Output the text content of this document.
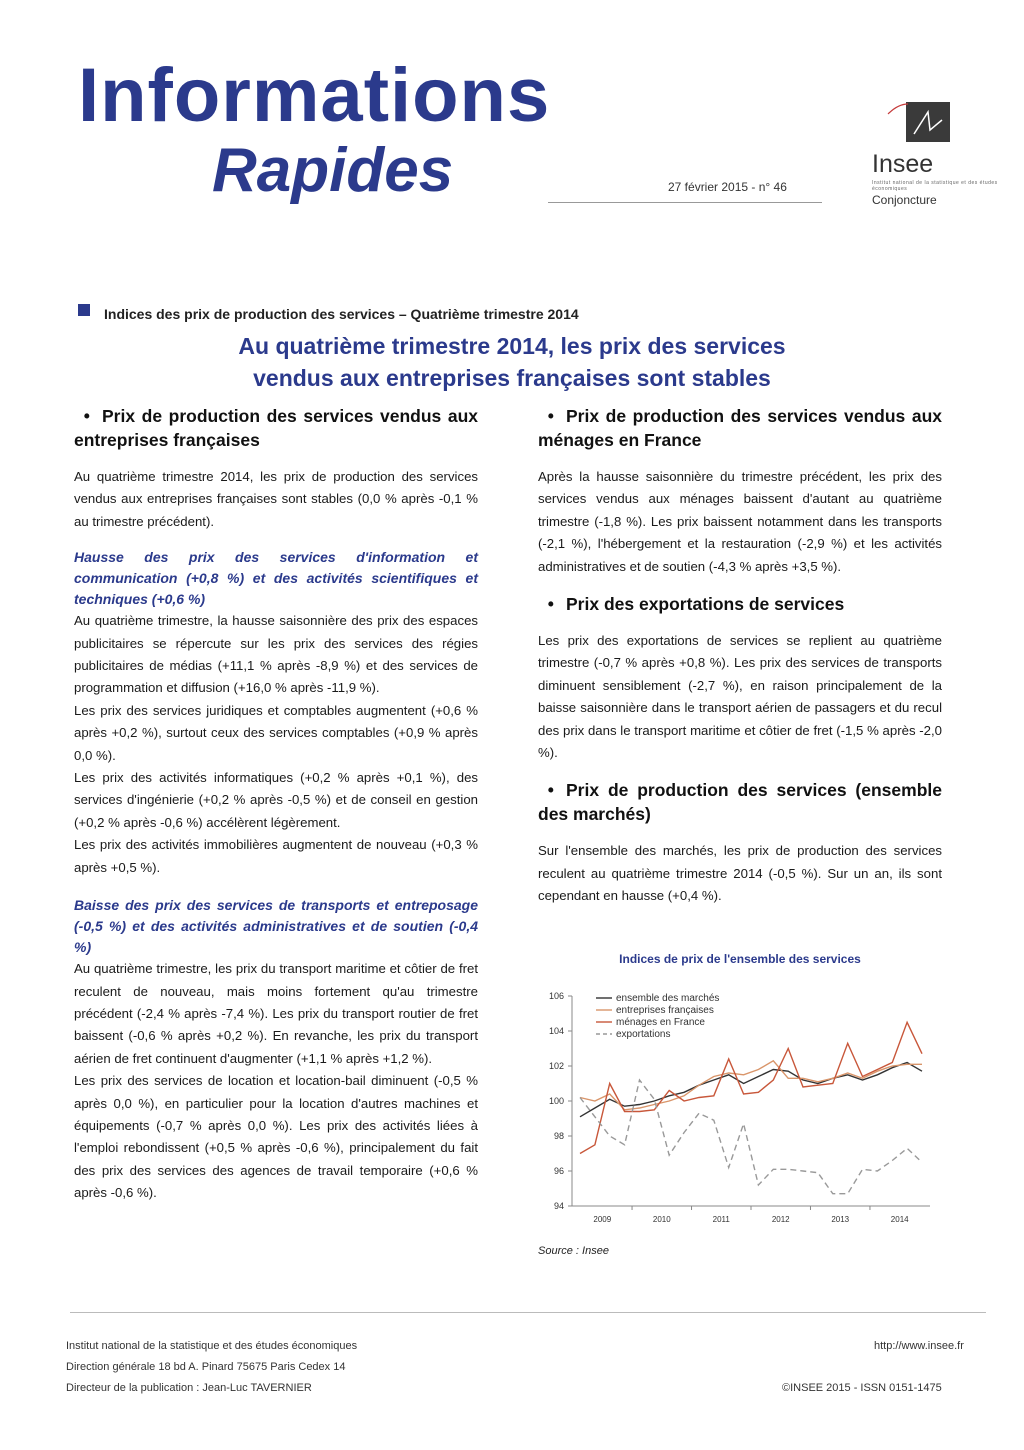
Informations
Rapides	27 février 2015 - n° 46
Insee
Institut national de la statistique et des études économiques
Conjoncture
Indices des prix de production des services – Quatrième trimestre 2014
Au quatrième trimestre 2014, les prix des services
vendus aux entreprises françaises sont stables
• Prix de production des services vendus aux entreprises françaises

Au quatrième trimestre 2014, les prix de production des services vendus aux entreprises françaises sont stables (0,0 % après -0,1 % au trimestre précédent).

Hausse des prix des services d'information et communication (+0,8 %) et des activités scientifiques et techniques (+0,6 %)

Au quatrième trimestre, la hausse saisonnière des prix des espaces publicitaires se répercute sur les prix des services des régies publicitaires de médias (+11,1 % après -8,9 %) et des services de programmation et diffusion (+16,0 % après -11,9 %).

Les prix des services juridiques et comptables augmentent (+0,6 % après +0,2 %), surtout ceux des services comptables (+0,9 % après 0,0 %).

Les prix des activités informatiques (+0,2 % après +0,1 %), des services d'ingénierie (+0,2 % après -0,5 %) et de conseil en gestion (+0,2 % après -0,6 %) accélèrent légèrement.

Les prix des activités immobilières augmentent de nouveau (+0,3 % après +0,5 %).

Baisse des prix des services de transports et entreposage (-0,5 %) et des activités administratives et de soutien (-0,4 %)

Au quatrième trimestre, les prix du transport maritime et côtier de fret reculent de nouveau, mais moins fortement qu'au trimestre précédent (-2,4 % après -7,4 %). Les prix du transport routier de fret baissent (-0,6 % après +0,2 %). En revanche, les prix du transport aérien de fret continuent d'augmenter (+1,1 % après +1,2 %).

Les prix des services de location et location-bail diminuent (-0,5 % après 0,0 %), en particulier pour la location d'autres machines et équipements (-0,7 % après 0,0 %). Les prix des activités liées à l'emploi rebondissent (+0,5 % après -0,6 %), principalement du fait des prix des services des agences de travail temporaire (+0,6 % après -0,6 %).

• Prix de production des services vendus aux ménages en France

Après la hausse saisonnière du trimestre précédent, les prix des services vendus aux ménages baissent d'autant au quatrième trimestre (-1,8 %). Les prix baissent notamment dans les transports (-2,1 %), l'hébergement et la restauration (-2,9 %) et les activités administratives et de soutien (-4,3 % après +3,5 %).

• Prix des exportations de services

Les prix des exportations de services se replient au quatrième trimestre (-0,7 % après +0,8 %). Les prix des services de transports diminuent sensiblement (-2,7 %), en raison principalement de la baisse saisonnière dans le transport aérien de passagers et du recul des prix dans le transport maritime et côtier de fret (-1,5 % après -2,0 %).

• Prix de production des services (ensemble des marchés)

Sur l'ensemble des marchés, les prix de production des services reculent au quatrième trimestre 2014 (-0,5 %). Sur un an, ils sont cependant en hausse (+0,4 %).

Indices de prix de l'ensemble des services
94
96
98
100
102
104
106
2009	2010	2011	2012	2013	2014
ensemble des marchés
entreprises françaises
ménages en France
exportations
Source : Insee
Institut national de la statistique et des études économiques
Direction générale 18 bd A. Pinard 75675 Paris Cedex 14
Directeur de la publication : Jean-Luc TAVERNIER
http://www.insee.fr
©INSEE 2015 - ISSN 0151-1475
